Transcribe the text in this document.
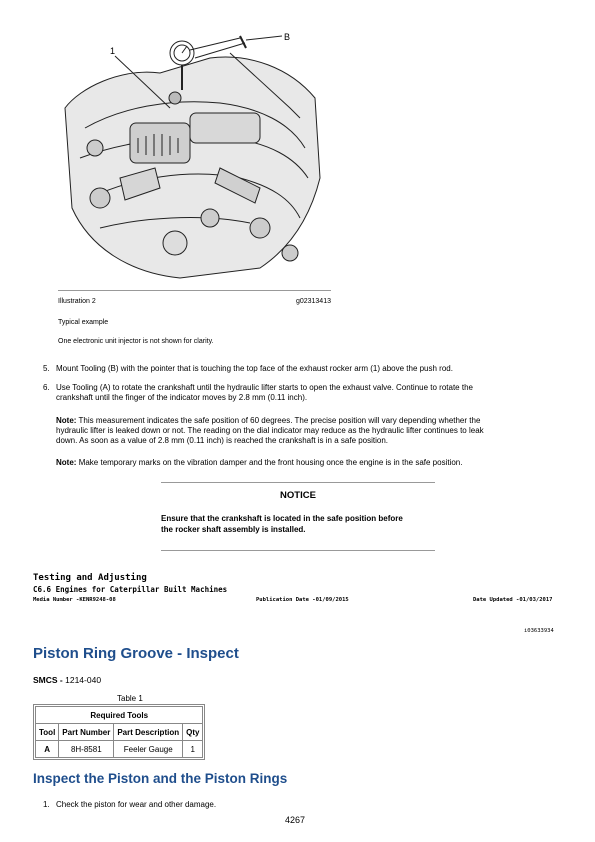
1
B
Illustration 2	g02313413
Typical example
One electronic unit injector is not shown for clarity.
5. Mount Tooling (B) with the pointer that is touching the top face of the exhaust rocker arm (1) above the push rod.
6. Use Tooling (A) to rotate the crankshaft until the hydraulic lifter starts to open the exhaust valve. Continue to rotate the
crankshaft until the finger of the indicator moves by 2.8 mm (0.11 inch).
Note: This measurement indicates the safe position of 60 degrees. The precise position will vary depending whether the
hydraulic lifter is leaked down or not. The reading on the dial indicator may reduce as the hydraulic lifter continues to leak
down. As soon as a value of 2.8 mm (0.11 inch) is reached the crankshaft is in a safe position.
Note: Make temporary marks on the vibration damper and the front housing once the engine is in the safe position.
NOTICE
Ensure that the crankshaft is located in the safe position before
the rocker shaft assembly is installed.
Testing and Adjusting
C6.6 Engines for Caterpillar Built Machines
Media Number -KENR9248-08	Publication Date -01/09/2015	Date Updated -01/03/2017
i03633934
Piston Ring Groove - Inspect
SMCS - 1214-040
Table 1
Required Tools			
Tool	Part Number	Part Description	Qty
A	8H-8581	Feeler Gauge	1
Inspect the Piston and the Piston Rings
1. Check the piston for wear and other damage.
4267
